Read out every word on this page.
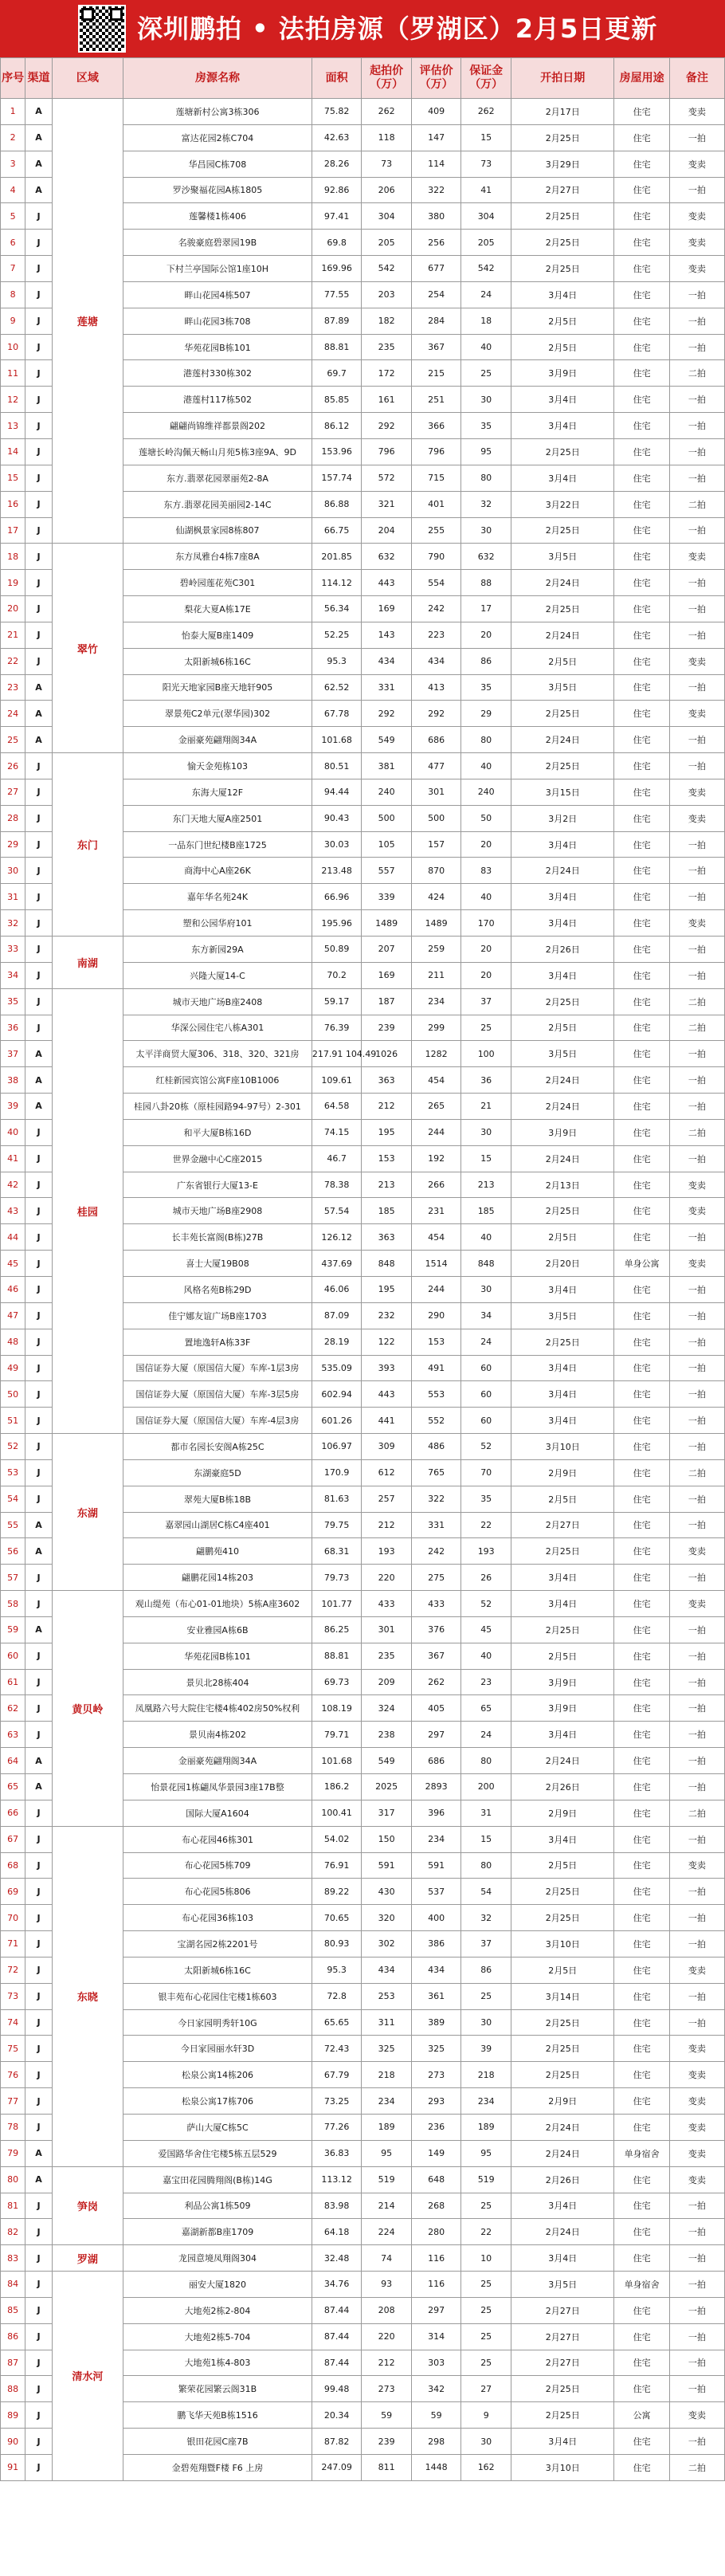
深圳鹏拍 • 法拍房源（罗湖区）2月5日更新
序号	渠道	区域	房源名称	面积	起拍价（万）	评估价（万）	保证金（万）	开拍日期	房屋用途	备注
1	A	莲塘	莲塘新村公寓3栋306	75.82	262	409	262	2月17日	住宅	变卖
2	A		富达花园2栋C704	42.63	118	147	15	2月25日	住宅	一拍
3	A		华昌园C栋708	28.26	73	114	73	3月29日	住宅	变卖
4	A		罗沙聚福花园A栋1805	92.86	206	322	41	2月27日	住宅	一拍
5	J		莲馨楼1栋406	97.41	304	380	304	2月25日	住宅	变卖
6	J		名骏豪庭碧翠园19B	69.8	205	256	205	2月25日	住宅	变卖
7	J		下村兰亭国际公馆1座10H	169.96	542	677	542	2月25日	住宅	变卖
8	J		畔山花园4栋507	77.55	203	254	24	3月4日	住宅	一拍
9	J		畔山花园3栋708	87.89	182	284	18	2月5日	住宅	一拍
10	J		华苑花园B栋101	88.81	235	367	40	2月5日	住宅	一拍
11	J		港莲村330栋302	69.7	172	215	25	3月9日	住宅	二拍
12	J		港莲村117栋502	85.85	161	251	30	3月4日	住宅	一拍
13	J		翩翩尚锦维祥都景阁202	86.12	292	366	35	3月4日	住宅	一拍
14	J		莲塘长岭沟佩天畅山月苑5栋3座9A、9D	153.96	796	796	95	2月25日	住宅	一拍
15	J		东方.翡翠花园翠丽苑2-8A	157.74	572	715	80	3月4日	住宅	一拍
16	J		东方.翡翠花园美丽园2-14C	86.88	321	401	32	3月22日	住宅	二拍
17	J		仙湖枫景家园8栋807	66.75	204	255	30	2月25日	住宅	一拍
18	J	翠竹	东方凤雅台4栋7座8A	201.85	632	790	632	3月5日	住宅	变卖
19	J		碧岭园莲花苑C301	114.12	443	554	88	2月24日	住宅	一拍
20	J		梨花大夏A栋17E	56.34	169	242	17	2月25日	住宅	一拍
21	J		怡泰大厦B座1409	52.25	143	223	20	2月24日	住宅	一拍
22	J		太阳新城6栋16C	95.3	434	434	86	2月5日	住宅	变卖
23	A		阳光天地家园B座天地轩905	62.52	331	413	35	3月5日	住宅	一拍
24	A		翠景苑C2单元(翠华园)302	67.78	292	292	29	2月25日	住宅	变卖
25	A		金丽豪苑翩翔阁34A	101.68	549	686	80	2月24日	住宅	一拍
26	J	东门	愉天金苑栋103	80.51	381	477	40	2月25日	住宅	一拍
27	J		东海大厦12F	94.44	240	301	240	3月15日	住宅	变卖
28	J		东门天地大厦A座2501	90.43	500	500	50	3月2日	住宅	变卖
29	J		一品东门世纪楼B座1725	30.03	105	157	20	3月4日	住宅	一拍
30	J		商海中心A座26K	213.48	557	870	83	2月24日	住宅	一拍
31	J		嘉年华名苑24K	66.96	339	424	40	3月4日	住宅	一拍
32	J		塑和公园华府101	195.96	1489	1489	170	3月4日	住宅	变卖
33	J	南湖	东方新园29A	50.89	207	259	20	2月26日	住宅	一拍
34	J		兴隆大厦14-C	70.2	169	211	20	3月4日	住宅	一拍
35	J	桂园	城市天地广场B座2408	59.17	187	234	37	2月25日	住宅	二拍
36	J		华深公园住宅八栋A301	76.39	239	299	25	2月5日	住宅	二拍
37	A		太平洋商贸大厦306、318、320、321房	217.91 104.49	1026	1282	100	3月5日	住宅	一拍
38	A		红桂新园宾馆公寓F座10B1006	109.61	363	454	36	2月24日	住宅	一拍
39	A		桂园八卦20栋（原桂园路94-97号）2-301	64.58	212	265	21	2月24日	住宅	一拍
40	J		和平大厦B栋16D	74.15	195	244	30	3月9日	住宅	二拍
41	J		世界金融中心C座2015	46.7	153	192	15	2月24日	住宅	一拍
42	J		广东省银行大厦13-E	78.38	213	266	213	2月13日	住宅	变卖
43	J		城市天地广场B座2908	57.54	185	231	185	2月25日	住宅	变卖
44	J		长丰苑长富阁(B栋)27B	126.12	363	454	40	2月5日	住宅	一拍
45	J		喜士大厦19B08	437.69	848	1514	848	2月20日	单身公寓	变卖
46	J		风格名苑B栋29D	46.06	195	244	30	3月4日	住宅	一拍
47	J		佳宁娜友谊广场B座1703	87.09	232	290	34	3月5日	住宅	一拍
48	J		置地逸轩A栋33F	28.19	122	153	24	2月25日	住宅	一拍
49	J		国信证券大厦（原国信大厦）车库-1层3房	535.09	393	491	60	3月4日	住宅	一拍
50	J		国信证券大厦（原国信大厦）车库-3层5房	602.94	443	553	60	3月4日	住宅	一拍
51	J		国信证券大厦（原国信大厦）车库-4层3房	601.26	441	552	60	3月4日	住宅	一拍
52	J	东湖	都市名园长安阁A栋25C	106.97	309	486	52	3月10日	住宅	一拍
53	J		东湖豪庭5D	170.9	612	765	70	2月9日	住宅	二拍
54	J		翠苑大厦B栋18B	81.63	257	322	35	2月5日	住宅	一拍
55	A		嘉翠园山湖居C栋C4座401	79.75	212	331	22	2月27日	住宅	一拍
56	A		翩鹏苑410	68.31	193	242	193	2月25日	住宅	变卖
57	J		翩鹏花园14栋203	79.73	220	275	26	3月4日	住宅	一拍
58	J	黄贝岭	观山缇苑（布心01-01地块）5栋A座3602	101.77	433	433	52	3月4日	住宅	变卖
59	A		安业雅园A栋6B	86.25	301	376	45	2月25日	住宅	一拍
60	J		华苑花园B栋101	88.81	235	367	40	2月5日	住宅	一拍
61	J		景贝北28栋404	69.73	209	262	23	3月9日	住宅	一拍
62	J		凤凰路六号大院住宅楼4栋402房50%权利	108.19	324	405	65	3月9日	住宅	一拍
63	J		景贝南4栋202	79.71	238	297	24	3月4日	住宅	一拍
64	A		金丽豪苑翩翔阁34A	101.68	549	686	80	2月24日	住宅	一拍
65	A		怡景花园1栋翩凤华景园3座17B整	186.2	2025	2893	200	2月26日	住宅	一拍
66	J		国际大厦A1604	100.41	317	396	31	2月9日	住宅	二拍
67	J	东晓	布心花园46栋301	54.02	150	234	15	3月4日	住宅	一拍
68	J		布心花园5栋709	76.91	591	591	80	2月5日	住宅	变卖
69	J		布心花园5栋806	89.22	430	537	54	2月25日	住宅	一拍
70	J		布心花园36栋103	70.65	320	400	32	2月25日	住宅	一拍
71	J		宝湖名园2栋2201号	80.93	302	386	37	3月10日	住宅	一拍
72	J		太阳新城6栋16C	95.3	434	434	86	2月5日	住宅	变卖
73	J		银丰苑布心花园住宅楼1栋603	72.8	253	361	25	3月14日	住宅	一拍
74	J		今日家园明秀轩10G	65.65	311	389	30	2月25日	住宅	一拍
75	J		今日家园丽水轩3D	72.43	325	325	39	2月25日	住宅	变卖
76	J		松泉公寓14栋206	67.79	218	273	218	2月25日	住宅	变卖
77	J		松泉公寓17栋706	73.25	234	293	234	2月9日	住宅	变卖
78	J		萨山大厦C栋5C	77.26	189	236	189	2月24日	住宅	变卖
79	A		爱国路华舍住宅楼5栋五层529	36.83	95	149	95	2月24日	单身宿舍	变卖
80	A	笋岗	嘉宝田花园腾翔阁(B栋)14G	113.12	519	648	519	2月26日	住宅	变卖
81	J		利品公寓1栋509	83.98	214	268	25	3月4日	住宅	一拍
82	J		嘉湖新都B座1709	64.18	224	280	22	2月24日	住宅	一拍
83	J	罗湖	龙园意境凤翔阁304	32.48	74	116	10	3月4日	住宅	一拍
84	J	清水河	丽安大厦1820	34.76	93	116	25	3月5日	单身宿舍	一拍
85	J		大地苑2栋2-804	87.44	208	297	25	2月27日	住宅	一拍
86	J		大地苑2栋5-704	87.44	220	314	25	2月27日	住宅	一拍
87	J		大地苑1栋4-803	87.44	212	303	25	2月27日	住宅	一拍
88	J		繁荣花园繁云阁31B	99.48	273	342	27	2月25日	住宅	一拍
89	J		鹏飞华天苑B栋1516	20.34	59	59	9	2月25日	公寓	变卖
90	J		银田花园C座7B	87.82	239	298	30	3月4日	住宅	一拍
91	J		金碧苑翔暨F楼 F6 上房	247.09	811	1448	162	3月10日	住宅	二拍
